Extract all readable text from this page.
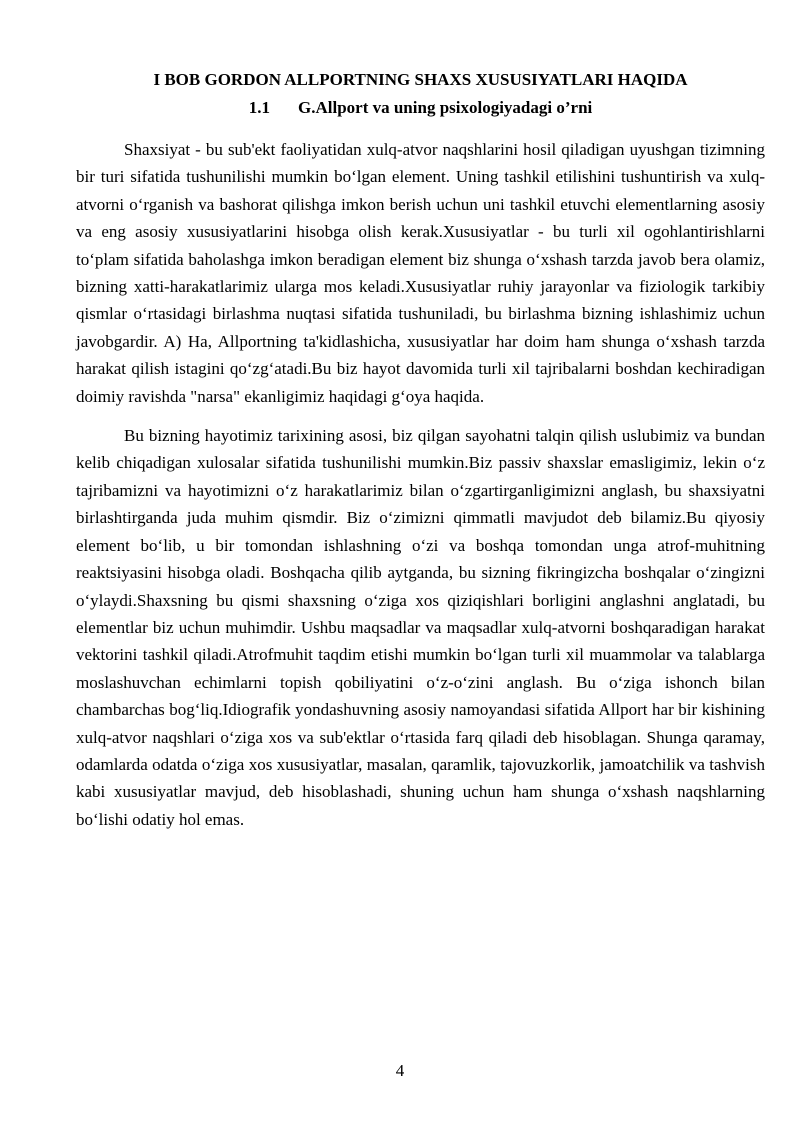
I BOB GORDON ALLPORTNING SHAXS XUSUSIYATLARI HAQIDA
1.1 G.Allport va uning psixologiyadagi o’rni

Shaxsiyat - bu sub'ekt faoliyatidan xulq-atvor naqshlarini hosil qiladigan uyushgan tizimning bir turi sifatida tushunilishi mumkin bo‘lgan element. Uning tashkil etilishini tushuntirish va xulq-atvorni o‘rganish va bashorat qilishga imkon berish uchun uni tashkil etuvchi elementlarning asosiy va eng asosiy xususiyatlarini hisobga olish kerak.Xususiyatlar - bu turli xil ogohlantirishlarni to‘plam sifatida baholashga imkon beradigan element biz shunga o‘xshash tarzda javob bera olamiz, bizning xatti-harakatlarimiz ularga mos keladi.Xususiyatlar ruhiy jarayonlar va fiziologik tarkibiy qismlar o‘rtasidagi birlashma nuqtasi sifatida tushuniladi, bu birlashma bizning ishlashimiz uchun javobgardir. A) Ha, Allportning ta'kidlashicha, xususiyatlar har doim ham shunga o‘xshash tarzda harakat qilish istagini qo‘zg‘atadi.Bu biz hayot davomida turli xil tajribalarni boshdan kechiradigan doimiy ravishda "narsa" ekanligimiz haqidagi g‘oya haqida.

Bu bizning hayotimiz tarixining asosi, biz qilgan sayohatni talqin qilish uslubimiz va bundan kelib chiqadigan xulosalar sifatida tushunilishi mumkin.Biz passiv shaxslar emasligimiz, lekin o‘z tajribamizni va hayotimizni o‘z harakatlarimiz bilan o‘zgartirganligimizni anglash, bu shaxsiyatni birlashtirganda juda muhim qismdir. Biz o‘zimizni qimmatli mavjudot deb bilamiz.Bu qiyosiy element bo‘lib, u bir tomondan ishlashning o‘zi va boshqa tomondan unga atrof-muhitning reaktsiyasini hisobga oladi. Boshqacha qilib aytganda, bu sizning fikringizcha boshqalar o‘zingizni o‘ylaydi.Shaxsning bu qismi shaxsning o‘ziga xos qiziqishlari borligini anglashni anglatadi, bu elementlar biz uchun muhimdir. Ushbu maqsadlar va maqsadlar xulq-atvorni boshqaradigan harakat vektorini tashkil qiladi.Atrofmuhit taqdim etishi mumkin bo‘lgan turli xil muammolar va talablarga moslashuvchan echimlarni topish qobiliyatini o‘z-o‘zini anglash. Bu o‘ziga ishonch bilan chambarchas bog‘liq.Idiografik yondashuvning asosiy namoyandasi sifatida Allport har bir kishining xulq-atvor naqshlari o‘ziga xos va sub'ektlar o‘rtasida farq qiladi deb hisoblagan. Shunga qaramay, odamlarda odatda o‘ziga xos xususiyatlar, masalan, qaramlik, tajovuzkorlik, jamoatchilik va tashvish kabi xususiyatlar mavjud, deb hisoblashadi, shuning uchun ham shunga o‘xshash naqshlarning bo‘lishi odatiy hol emas.

4
